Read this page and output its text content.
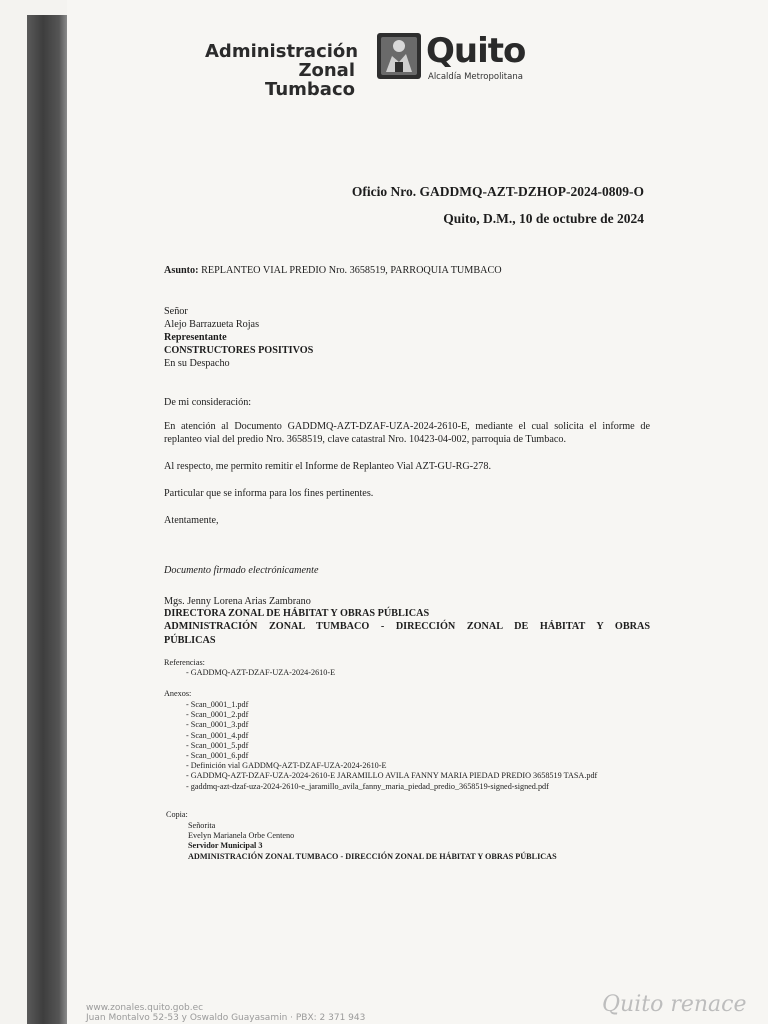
Administración
Zonal Tumbaco
Quito
Alcaldía Metropolitana
Oficio Nro. GADDMQ-AZT-DZHOP-2024-0809-O
Quito, D.M., 10 de octubre de 2024
Asunto: REPLANTEO VIAL PREDIO Nro. 3658519, PARROQUIA TUMBACO
Señor
Alejo Barrazueta Rojas
Representante
CONSTRUCTORES POSITIVOS
En su Despacho
De mi consideración:
En atención al Documento GADDMQ-AZT-DZAF-UZA-2024-2610-E, mediante el cual solicita el informe de replanteo vial del predio Nro. 3658519, clave catastral Nro. 10423-04-002, parroquia de Tumbaco.
Al respecto, me permito remitir el Informe de Replanteo Vial AZT-GU-RG-278.
Particular que se informa para los fines pertinentes.
Atentamente,
Documento firmado electrónicamente
Mgs. Jenny Lorena Arias Zambrano
DIRECTORA ZONAL DE HÁBITAT Y OBRAS PÚBLICAS
ADMINISTRACIÓN ZONAL TUMBACO - DIRECCIÓN ZONAL DE HÁBITAT Y OBRAS
PÚBLICAS
Referencias:
- GADDMQ-AZT-DZAF-UZA-2024-2610-E
Anexos:
- Scan_0001_1.pdf
- Scan_0001_2.pdf
- Scan_0001_3.pdf
- Scan_0001_4.pdf
- Scan_0001_5.pdf
- Scan_0001_6.pdf
- Definición vial GADDMQ-AZT-DZAF-UZA-2024-2610-E
- GADDMQ-AZT-DZAF-UZA-2024-2610-E JARAMILLO AVILA FANNY MARIA PIEDAD PREDIO 3658519 TASA.pdf
- gaddmq-azt-dzaf-uza-2024-2610-e_jaramillo_avila_fanny_maria_piedad_predio_3658519-signed-signed.pdf
Copia:
Señorita
Evelyn Marianela Orbe Centeno
Servidor Municipal 3
ADMINISTRACIÓN ZONAL TUMBACO - DIRECCIÓN ZONAL DE HÁBITAT Y OBRAS PÚBLICAS
www.zonales.quito.gob.ec
Juan Montalvo 52-53 y Oswaldo Guayasamin · PBX: 2 371 943
Quito renace
